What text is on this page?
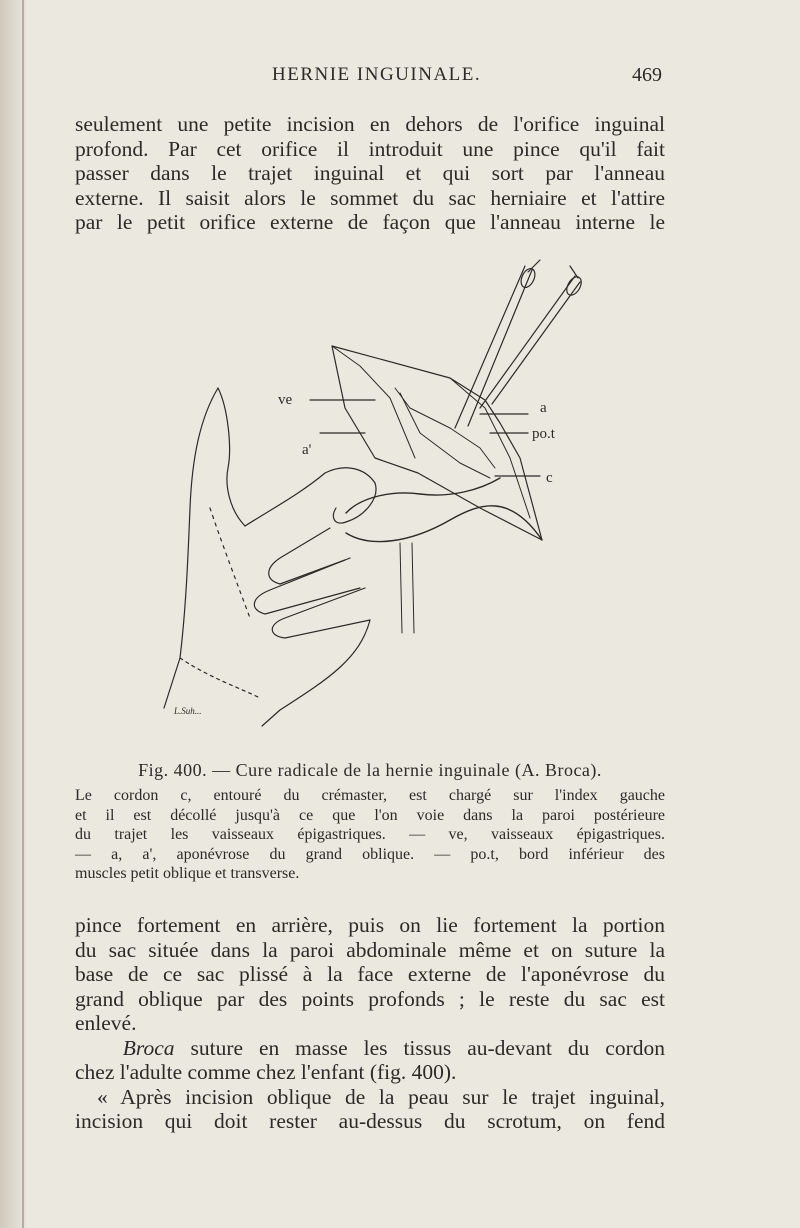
HERNIE INGUINALE.	469
seulement une petite incision en dehors de l'orifice inguinal
profond. Par cet orifice il introduit une pince qu'il fait
passer dans le trajet inguinal et qui sort par l'anneau
externe. Il saisit alors le sommet du sac herniaire et l'attire
par le petit orifice externe de façon que l'anneau interne le
ve
a'
a
po.t
c
L.Suh...
Fig. 400. — Cure radicale de la hernie inguinale (A. Broca).
Le cordon c, entouré du crémaster, est chargé sur l'index gauche
et il est décollé jusqu'à ce que l'on voie dans la paroi postérieure
du trajet les vaisseaux épigastriques. — ve, vaisseaux épigastriques.
— a, a', aponévrose du grand oblique. — po.t, bord inférieur des
muscles petit oblique et transverse.
pince fortement en arrière, puis on lie fortement la portion
du sac située dans la paroi abdominale même et on suture la
base de ce sac plissé à la face externe de l'aponévrose du
grand oblique par des points profonds ; le reste du sac est
enlevé.
Broca suture en masse les tissus au-devant du cordon
chez l'adulte comme chez l'enfant (fig. 400).
« Après incision oblique de la peau sur le trajet inguinal,
incision qui doit rester au-dessus du scrotum, on fend
